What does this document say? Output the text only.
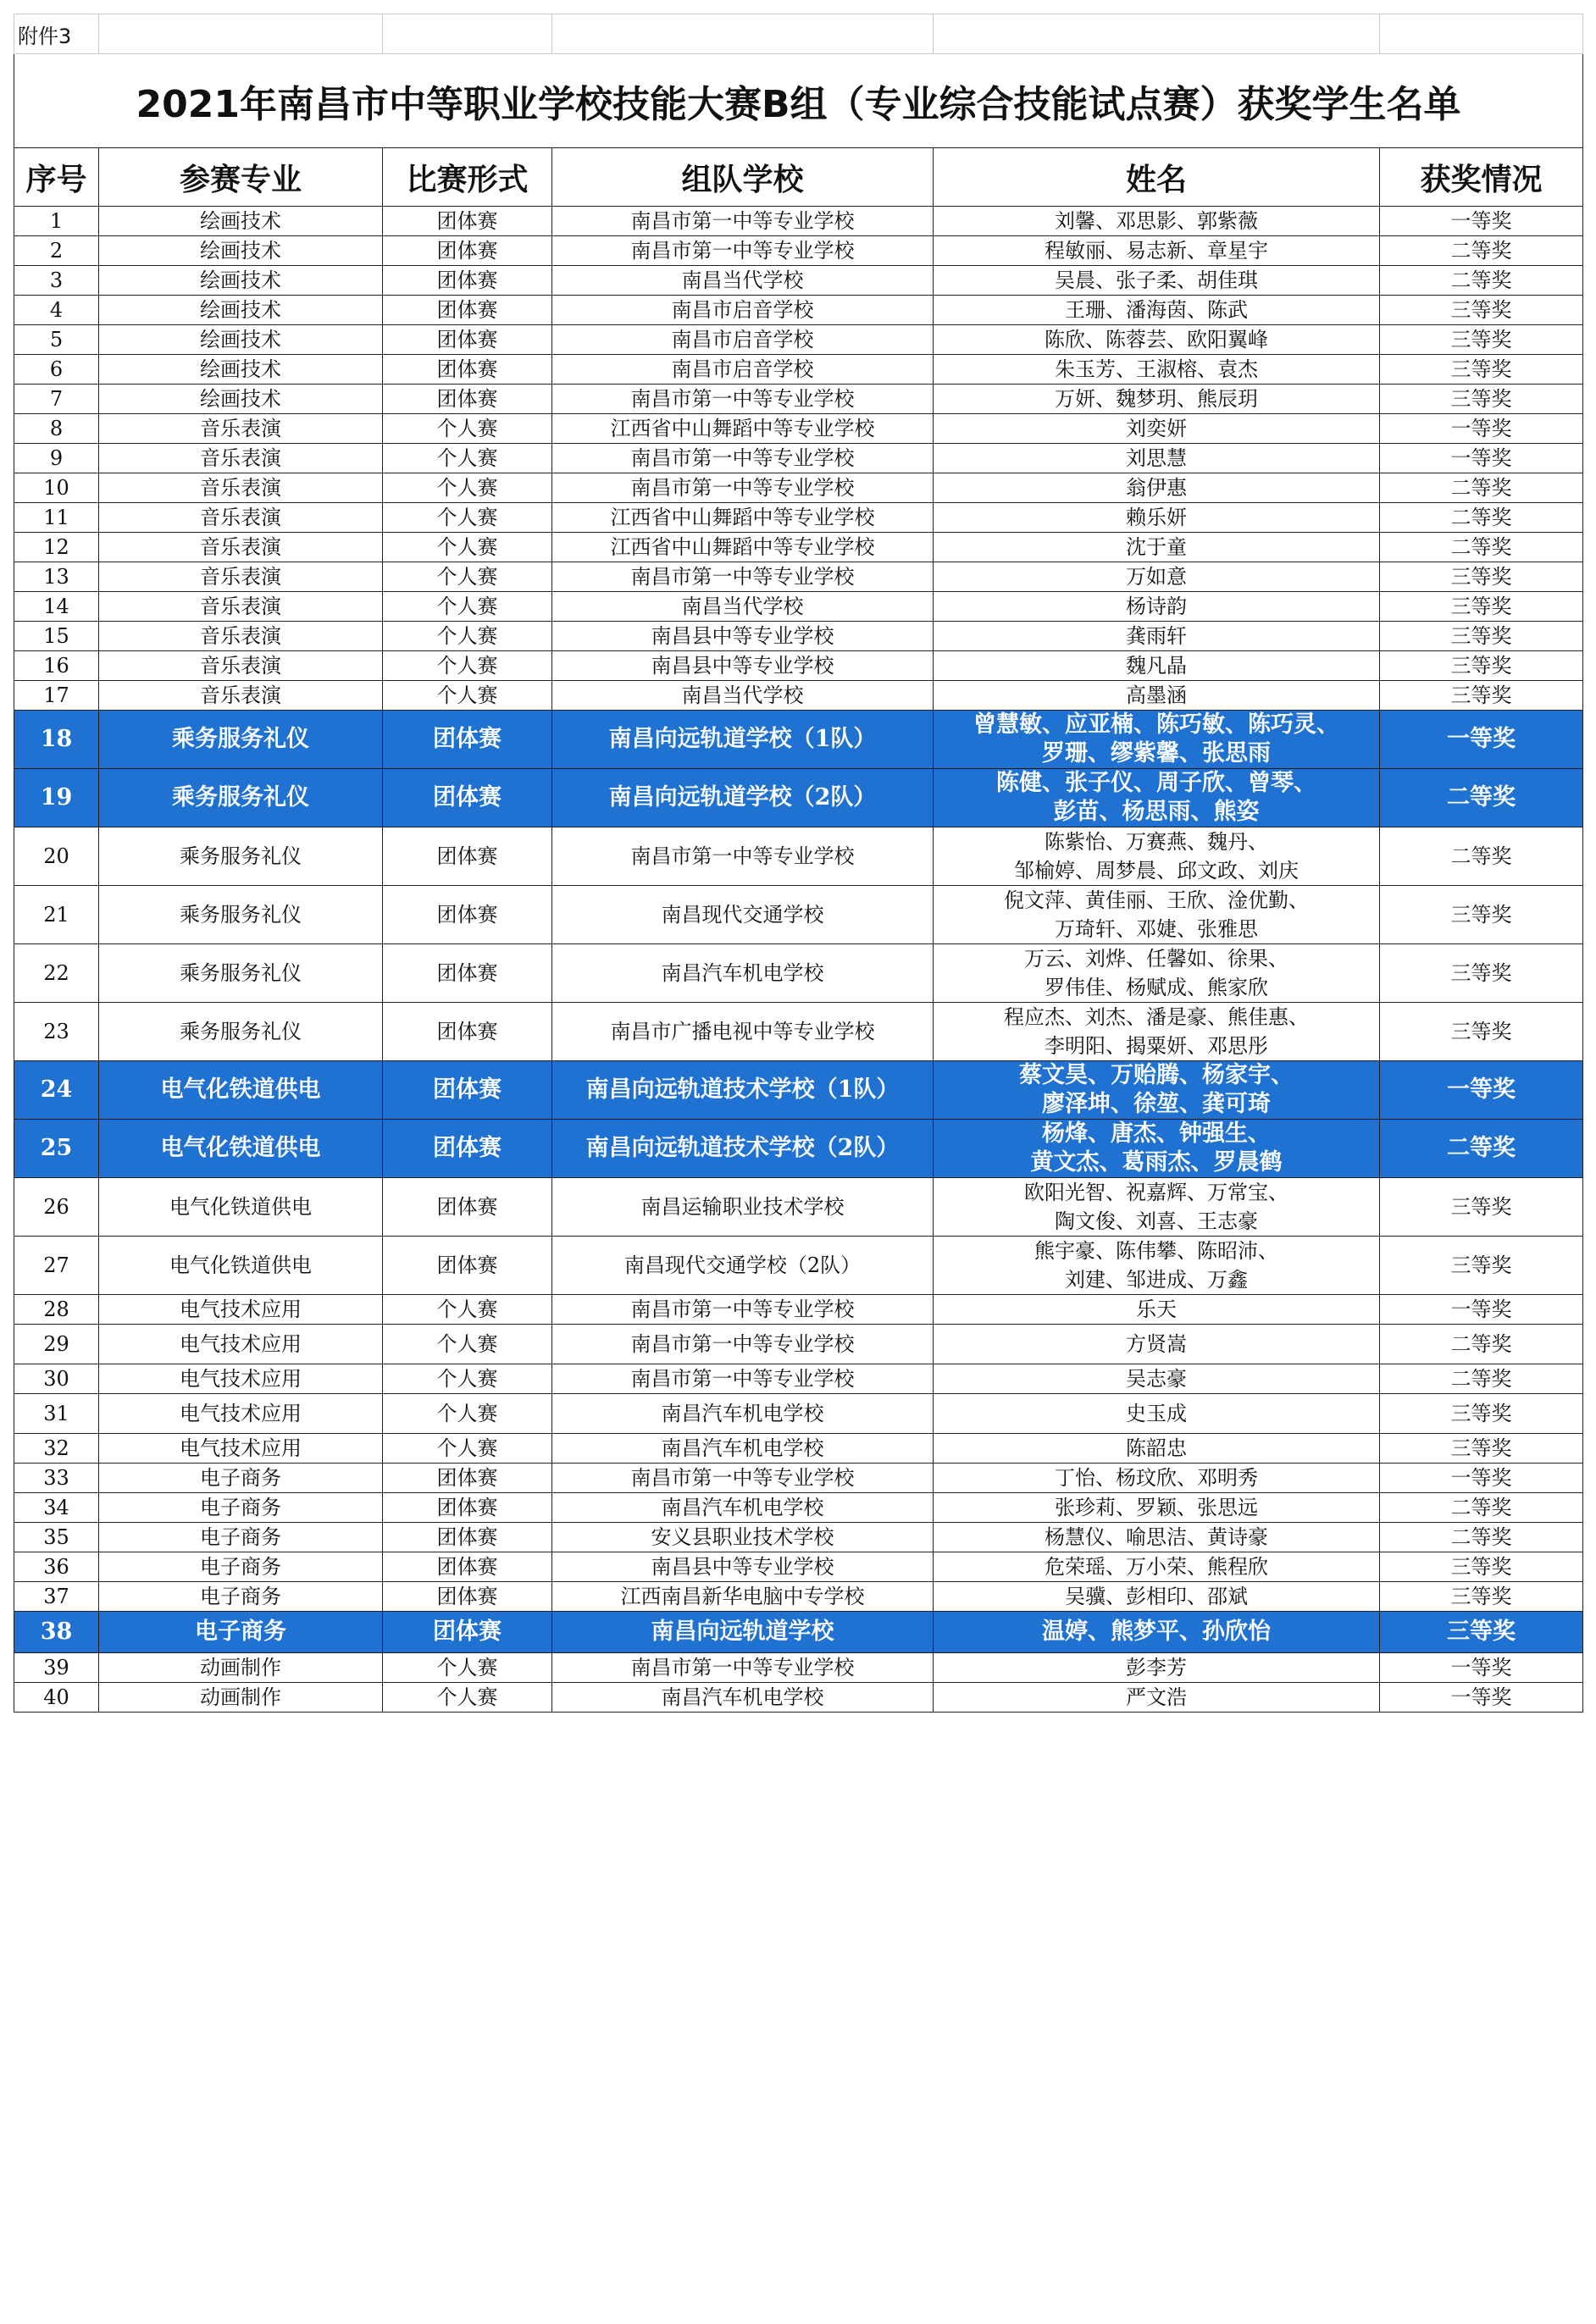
附件3					
2021年南昌市中等职业学校技能大赛B组（专业综合技能试点赛）获奖学生名单					
序号	参赛专业	比赛形式	组队学校	姓名	获奖情况
1	绘画技术	团体赛	南昌市第一中等专业学校	刘馨、邓思影、郭紫薇	一等奖
2	绘画技术	团体赛	南昌市第一中等专业学校	程敏丽、易志新、章星宇	二等奖
3	绘画技术	团体赛	南昌当代学校	吴晨、张子柔、胡佳琪	二等奖
4	绘画技术	团体赛	南昌市启音学校	王珊、潘海茵、陈武	三等奖
5	绘画技术	团体赛	南昌市启音学校	陈欣、陈蓉芸、欧阳翼峰	三等奖
6	绘画技术	团体赛	南昌市启音学校	朱玉芳、王淑榕、袁杰	三等奖
7	绘画技术	团体赛	南昌市第一中等专业学校	万妍、魏梦玥、熊辰玥	三等奖
8	音乐表演	个人赛	江西省中山舞蹈中等专业学校	刘奕妍	一等奖
9	音乐表演	个人赛	南昌市第一中等专业学校	刘思慧	一等奖
10	音乐表演	个人赛	南昌市第一中等专业学校	翁伊惠	二等奖
11	音乐表演	个人赛	江西省中山舞蹈中等专业学校	赖乐妍	二等奖
12	音乐表演	个人赛	江西省中山舞蹈中等专业学校	沈于童	二等奖
13	音乐表演	个人赛	南昌市第一中等专业学校	万如意	三等奖
14	音乐表演	个人赛	南昌当代学校	杨诗韵	三等奖
15	音乐表演	个人赛	南昌县中等专业学校	龚雨轩	三等奖
16	音乐表演	个人赛	南昌县中等专业学校	魏凡晶	三等奖
17	音乐表演	个人赛	南昌当代学校	高墨涵	三等奖
18	乘务服务礼仪	团体赛	南昌向远轨道学校（1队）	曾慧敏、应亚楠、陈巧敏、陈巧灵、
罗珊、缪紫馨、张思雨	一等奖
19	乘务服务礼仪	团体赛	南昌向远轨道学校（2队）	陈健、张子仪、周子欣、曾琴、
彭苗、杨思雨、熊姿	二等奖
20	乘务服务礼仪	团体赛	南昌市第一中等专业学校	陈紫怡、万赛燕、魏丹、
邹榆婷、周梦晨、邱文政、刘庆	二等奖
21	乘务服务礼仪	团体赛	南昌现代交通学校	倪文萍、黄佳丽、王欣、淦优勤、
万琦轩、邓婕、张雅思	三等奖
22	乘务服务礼仪	团体赛	南昌汽车机电学校	万云、刘烨、任馨如、徐果、
罗伟佳、杨赋成、熊家欣	三等奖
23	乘务服务礼仪	团体赛	南昌市广播电视中等专业学校	程应杰、刘杰、潘是豪、熊佳惠、
李明阳、揭粟妍、邓思彤	三等奖
24	电气化铁道供电	团体赛	南昌向远轨道技术学校（1队）	蔡文昊、万贻腾、杨家宇、
廖泽坤、徐堃、龚可琦	一等奖
25	电气化铁道供电	团体赛	南昌向远轨道技术学校（2队）	杨烽、唐杰、钟强生、
黄文杰、葛雨杰、罗晨鹤	二等奖
26	电气化铁道供电	团体赛	南昌运输职业技术学校	欧阳光智、祝嘉辉、万常宝、
陶文俊、刘喜、王志豪	三等奖
27	电气化铁道供电	团体赛	南昌现代交通学校（2队）	熊宇豪、陈伟攀、陈昭沛、
刘建、邹进成、万鑫	三等奖
28	电气技术应用	个人赛	南昌市第一中等专业学校	乐天	一等奖
29	电气技术应用	个人赛	南昌市第一中等专业学校	方贤嵩	二等奖
30	电气技术应用	个人赛	南昌市第一中等专业学校	吴志豪	二等奖
31	电气技术应用	个人赛	南昌汽车机电学校	史玉成	三等奖
32	电气技术应用	个人赛	南昌汽车机电学校	陈韶忠	三等奖
33	电子商务	团体赛	南昌市第一中等专业学校	丁怡、杨玟欣、邓明秀	一等奖
34	电子商务	团体赛	南昌汽车机电学校	张珍莉、罗颖、张思远	二等奖
35	电子商务	团体赛	安义县职业技术学校	杨慧仪、喻思洁、黄诗豪	二等奖
36	电子商务	团体赛	南昌县中等专业学校	危荣瑶、万小荣、熊程欣	三等奖
37	电子商务	团体赛	江西南昌新华电脑中专学校	吴骥、彭相印、邵斌	三等奖
38	电子商务	团体赛	南昌向远轨道学校	温婷、熊梦平、孙欣怡	三等奖
39	动画制作	个人赛	南昌市第一中等专业学校	彭李芳	一等奖
40	动画制作	个人赛	南昌汽车机电学校	严文浩	一等奖
